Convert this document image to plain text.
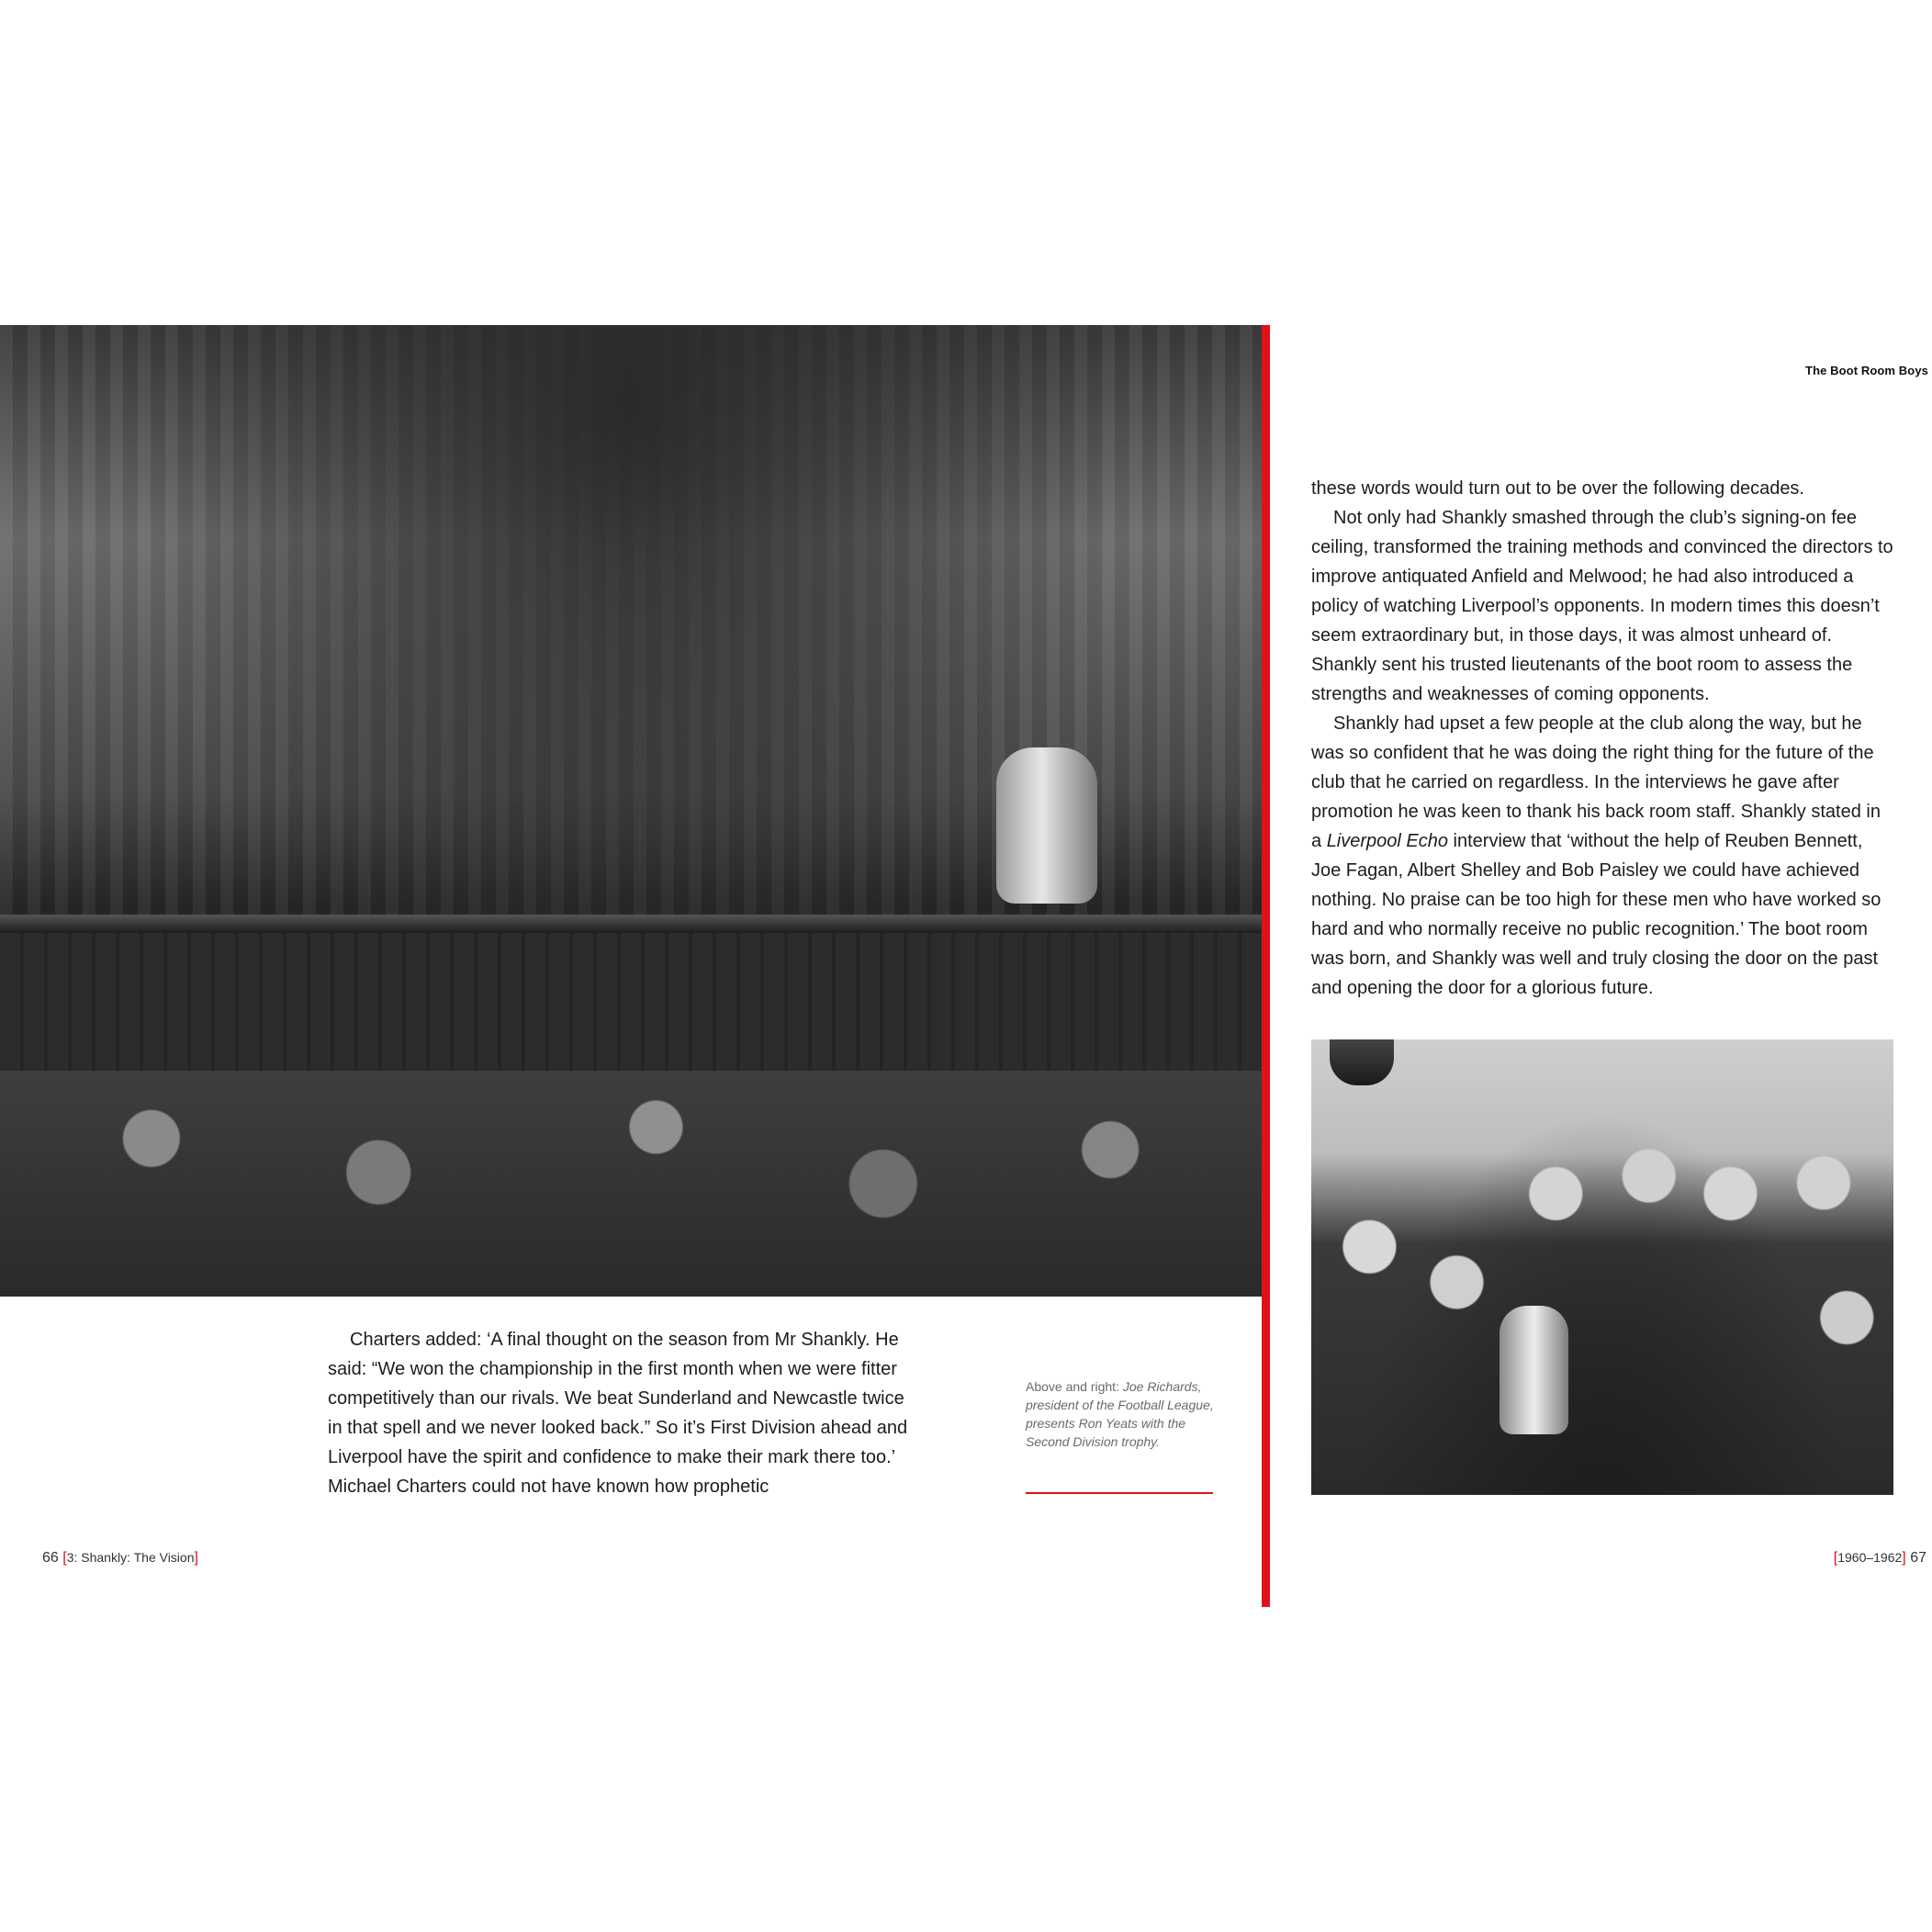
The Boot Room Boys

these words would turn out to be over the following decades.

Not only had Shankly smashed through the club’s signing-on fee ceiling, transformed the training methods and convinced the directors to improve antiquated Anfield and Melwood; he had also introduced a policy of watching Liverpool’s opponents. In modern times this doesn’t seem extraordinary but, in those days, it was almost unheard of. Shankly sent his trusted lieutenants of the boot room to assess the strengths and weaknesses of coming opponents.

Shankly had upset a few people at the club along the way, but he was so confident that he was doing the right thing for the future of the club that he carried on regardless. In the interviews he gave after promotion he was keen to thank his back room staff. Shankly stated in a Liverpool Echo interview that ‘without the help of Reuben Bennett, Joe Fagan, Albert Shelley and Bob Paisley we could have achieved nothing. No praise can be too high for these men who have worked so hard and who normally receive no public recognition.’ The boot room was born, and Shankly was well and truly closing the door on the past and opening the door for a glorious future.

Charters added: ‘A final thought on the season from Mr Shankly. He said: “We won the championship in the first month when we were fitter competitively than our rivals. We beat Sunderland and Newcastle twice in that spell and we never looked back.” So it’s First Division ahead and Liverpool have the spirit and confidence to make their mark there too.’ Michael Charters could not have known how prophetic

Above and right: Joe Richards, president of the Football League, presents Ron Yeats with the Second Division trophy.
66 [3: Shankly: The Vision]	[1960–1962] 67
